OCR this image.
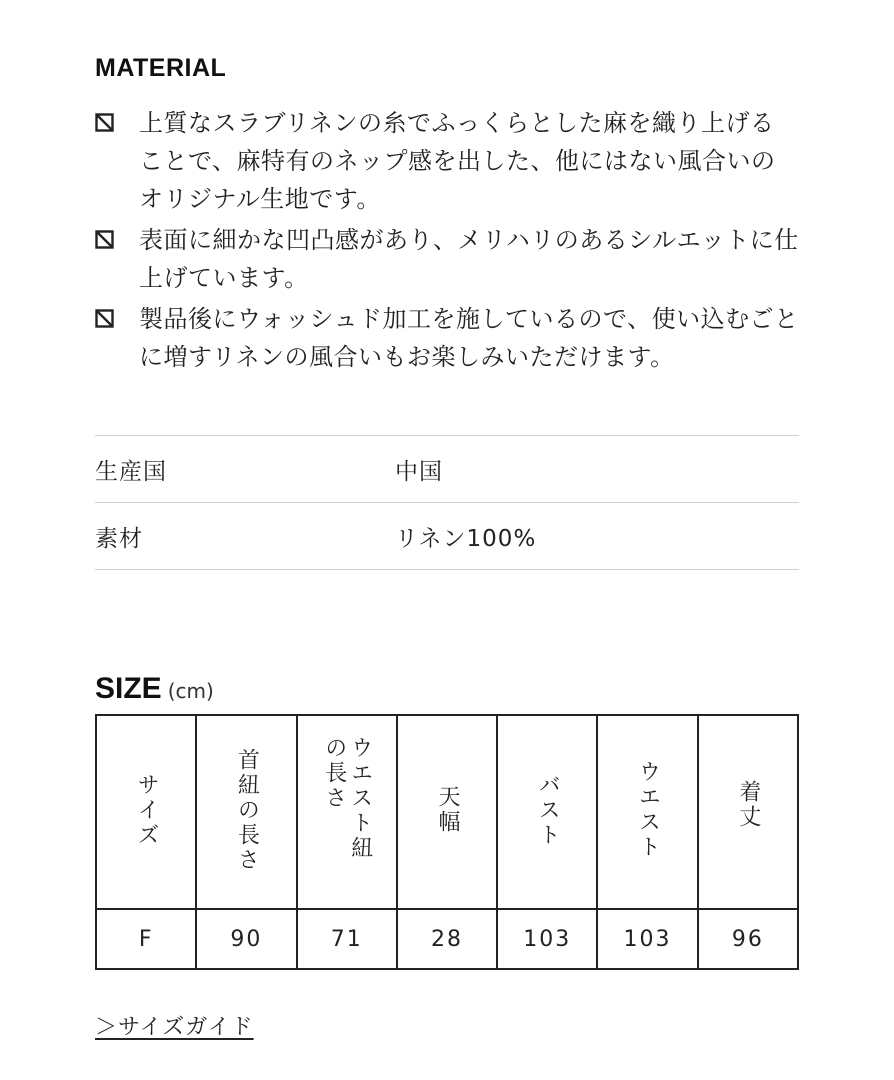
MATERIAL
上質なスラブリネンの糸でふっくらとした麻を織り上げることで、麻特有のネップ感を出した、他にはない風合いのオリジナル生地です。
表面に細かな凹凸感があり、メリハリのあるシルエットに仕上げています。
製品後にウォッシュド加工を施しているので、使い込むごとに増すリネンの風合いもお楽しみいただけます。
生産国	中国
素材	リネン100%
SIZE (cm)
サイズ	首紐の長さ	ウエスト紐の長さ	天幅	バスト	ウエスト	着丈
F	90	71	28	103	103	96
＞サイズガイド
